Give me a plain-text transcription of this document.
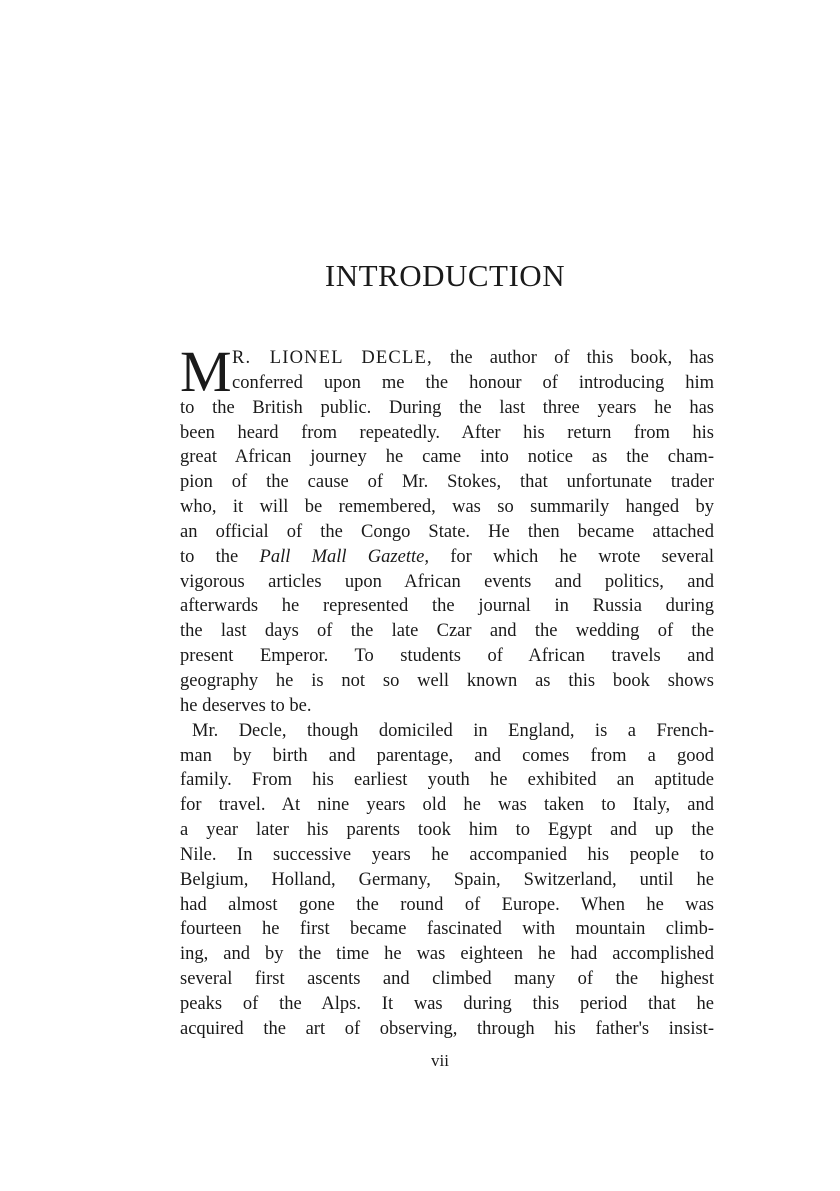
INTRODUCTION
M R. LIONEL DECLE, the author of this book, has
conferred upon me the honour of introducing him
to the British public. During the last three years he has
been heard from repeatedly. After his return from his
great African journey he came into notice as the cham-
pion of the cause of Mr. Stokes, that unfortunate trader
who, it will be remembered, was so summarily hanged by
an official of the Congo State. He then became attached
to the Pall Mall Gazette, for which he wrote several
vigorous articles upon African events and politics, and
afterwards he represented the journal in Russia during
the last days of the late Czar and the wedding of the
present Emperor. To students of African travels and
geography he is not so well known as this book shows
he deserves to be.
Mr. Decle, though domiciled in England, is a French-
man by birth and parentage, and comes from a good
family. From his earliest youth he exhibited an aptitude
for travel. At nine years old he was taken to Italy, and
a year later his parents took him to Egypt and up the
Nile. In successive years he accompanied his people to
Belgium, Holland, Germany, Spain, Switzerland, until he
had almost gone the round of Europe. When he was
fourteen he first became fascinated with mountain climb-
ing, and by the time he was eighteen he had accomplished
several first ascents and climbed many of the highest
peaks of the Alps. It was during this period that he
acquired the art of observing, through his father's insist-
vii
